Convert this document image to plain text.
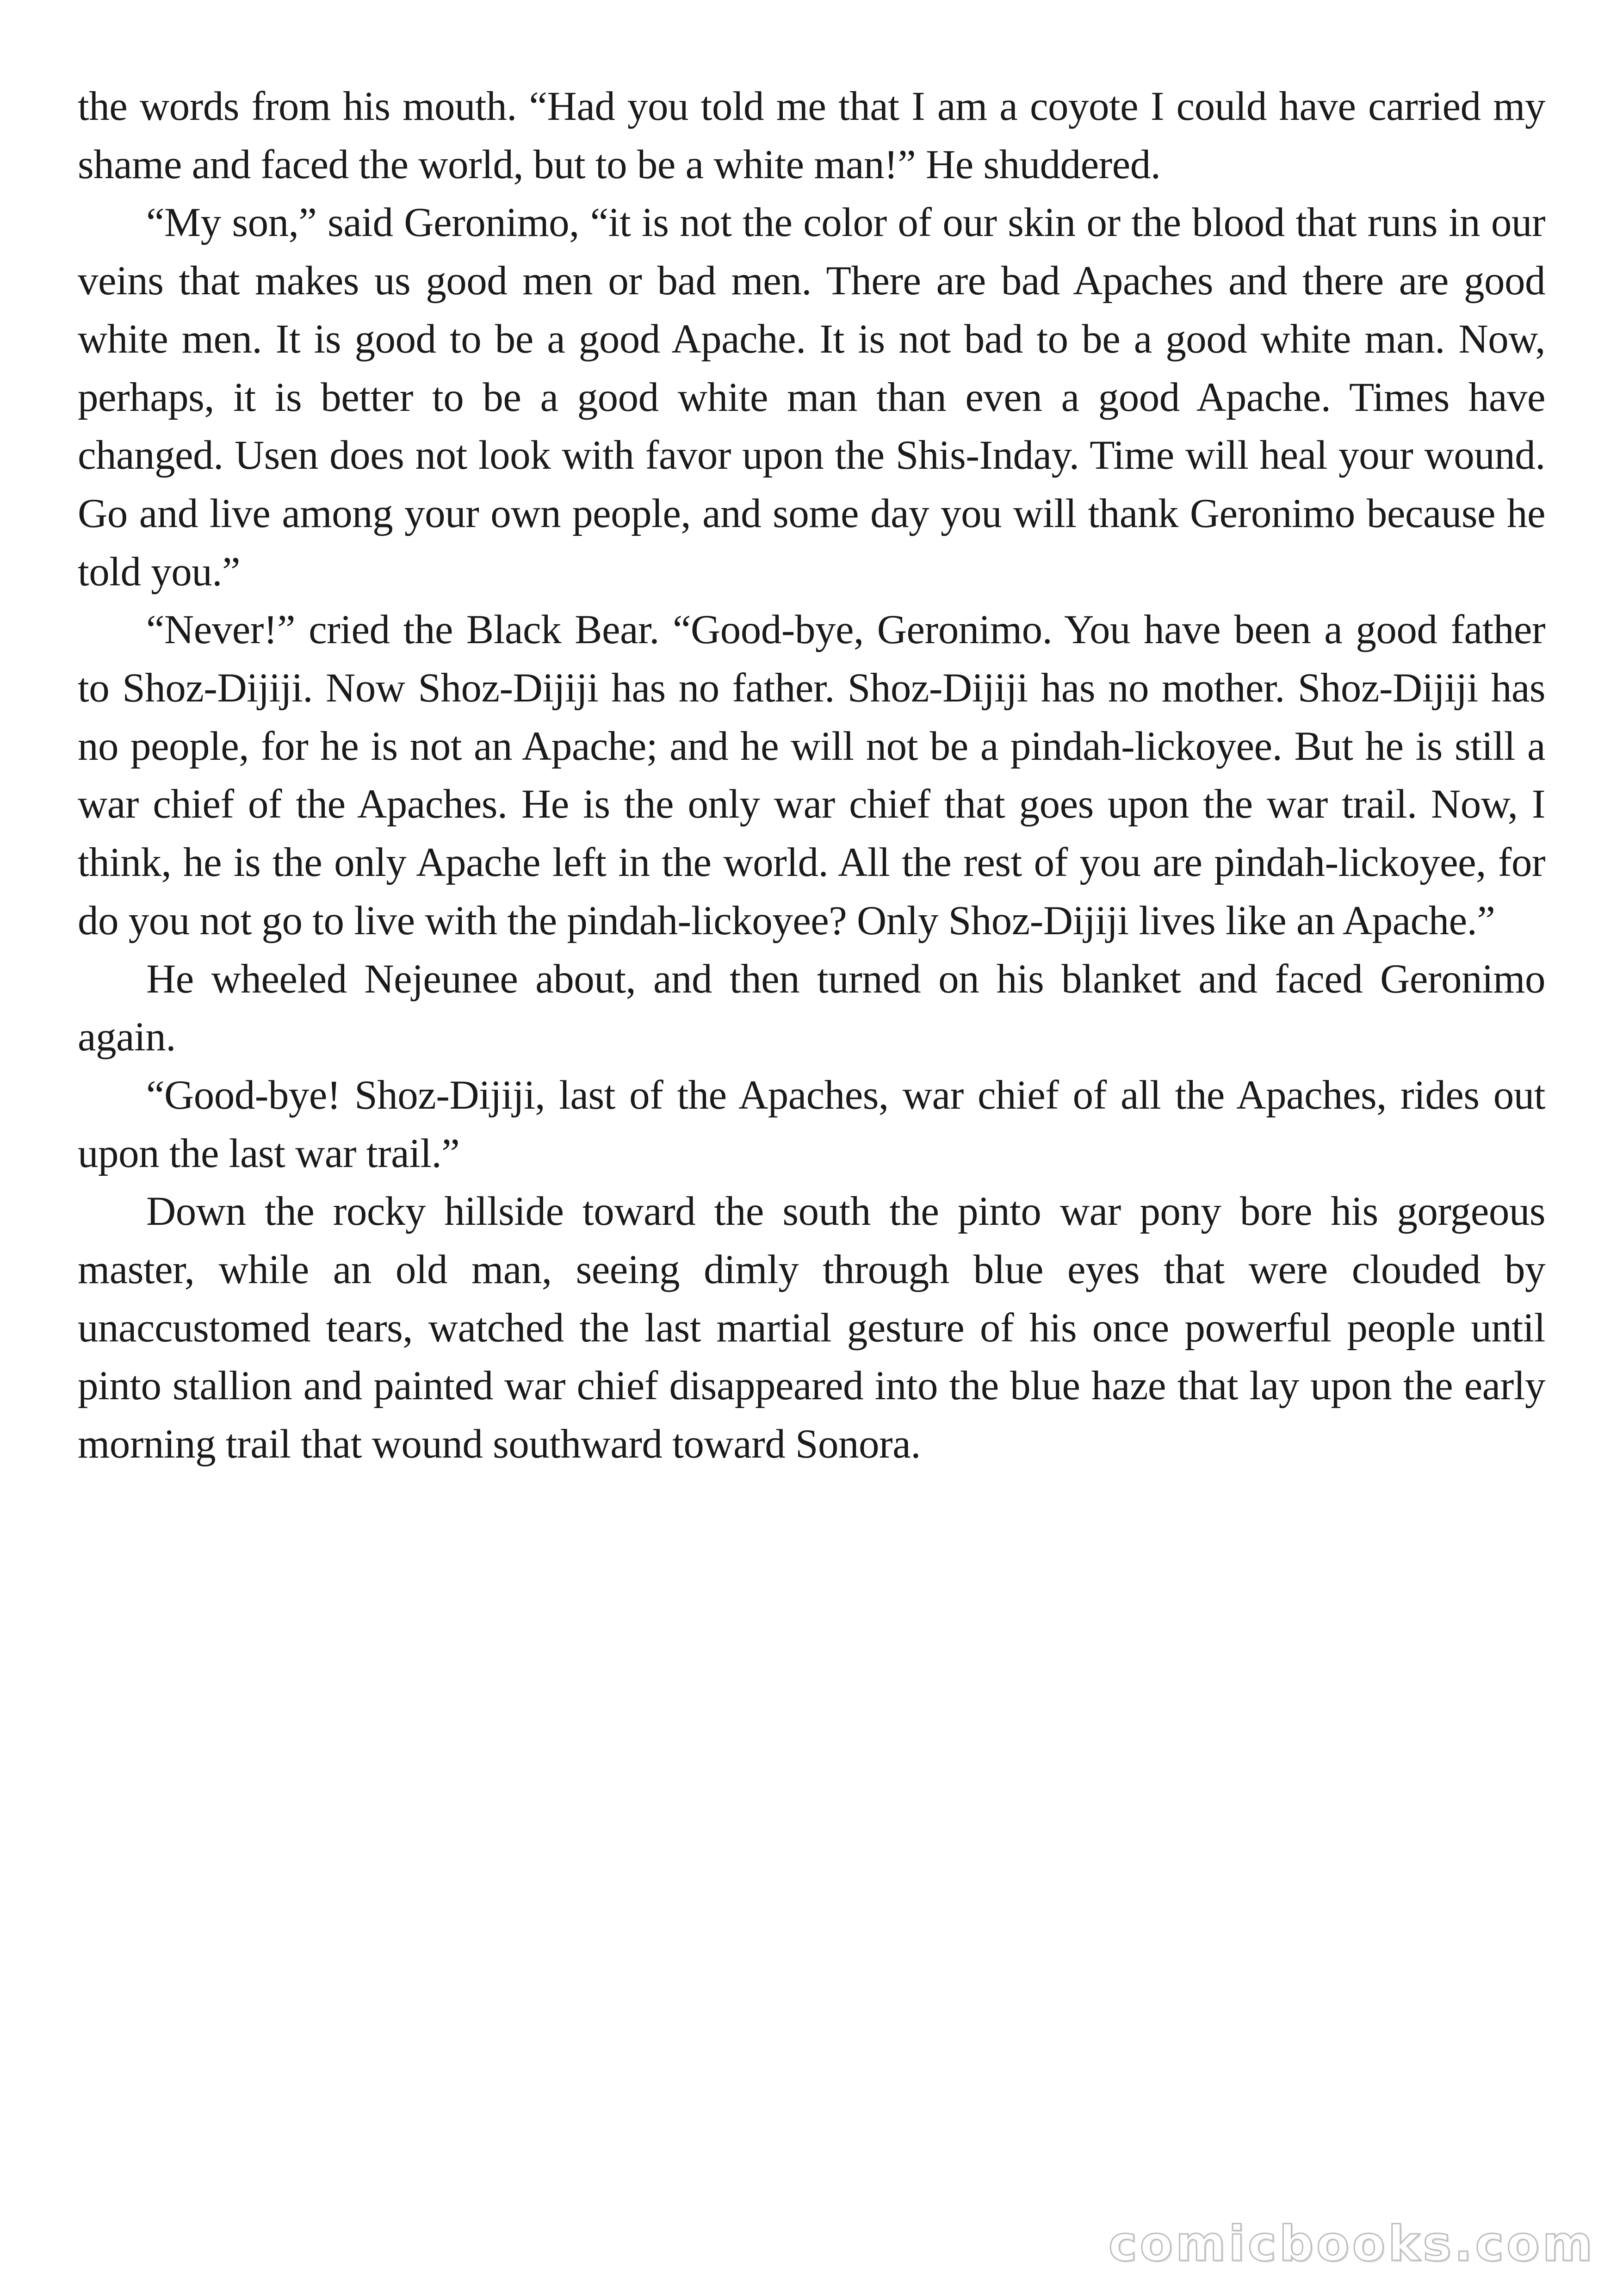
the words from his mouth. “Had you told me that I am a coyote I could have carried my shame and faced the world, but to be a white man!” He shuddered.

“My son,” said Geronimo, “it is not the color of our skin or the blood that runs in our veins that makes us good men or bad men. There are bad Apaches and there are good white men. It is good to be a good Apache. It is not bad to be a good white man. Now, perhaps, it is better to be a good white man than even a good Apache. Times have changed. Usen does not look with favor upon the Shis-Inday. Time will heal your wound. Go and live among your own people, and some day you will thank Geronimo because he told you.”

“Never!” cried the Black Bear. “Good-bye, Geronimo. You have been a good father to Shoz-Dijiji. Now Shoz-Dijiji has no father. Shoz-Dijiji has no mother. Shoz-Dijiji has no people, for he is not an Apache; and he will not be a pindah-lickoyee. But he is still a war chief of the Apaches. He is the only war chief that goes upon the war trail. Now, I think, he is the only Apache left in the world. All the rest of you are pindah-lickoyee, for do you not go to live with the pindah-lickoyee? Only Shoz-Dijiji lives like an Apache.”

He wheeled Nejeunee about, and then turned on his blanket and faced Geronimo again.

“Good-bye! Shoz-Dijiji, last of the Apaches, war chief of all the Apaches, rides out upon the last war trail.”

Down the rocky hillside toward the south the pinto war pony bore his gorgeous master, while an old man, seeing dimly through blue eyes that were clouded by unaccustomed tears, watched the last martial gesture of his once powerful people until pinto stallion and painted war chief disappeared into the blue haze that lay upon the early morning trail that wound southward toward Sonora.

comicbooks.com
